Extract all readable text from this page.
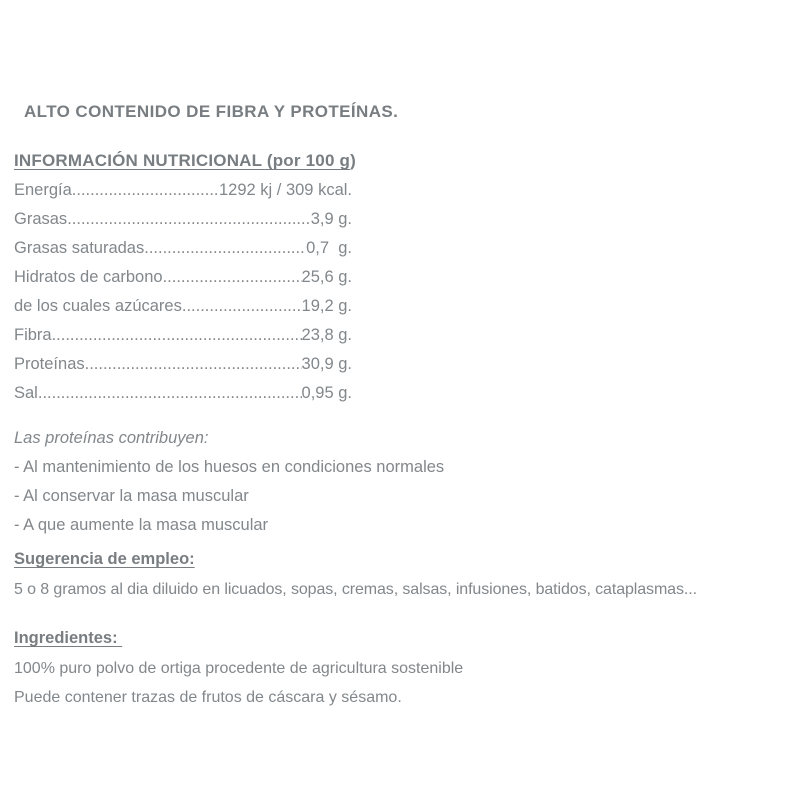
ALTO CONTENIDO DE FIBRA Y PROTEÍNAS.
INFORMACIÓN NUTRICIONAL (por 100 g)
Energía .....	1292 kj / 309 kcal.
Grasas .....	3,9 g.
Grasas saturadas .....	0,7  g.
Hidratos de carbono .....	25,6 g.
de los cuales azúcares .....	19,2 g.
Fibra .....	23,8 g.
Proteínas .....	30,9 g.
Sal .....	0,95 g.
Las proteínas contribuyen:
- Al mantenimiento de los huesos en condiciones normales
- Al conservar la masa muscular
- A que aumente la masa muscular
Sugerencia de empleo:
5 o 8 gramos al dia diluido en licuados, sopas, cremas, salsas, infusiones, batidos, cataplasmas...
Ingredientes:
100% puro polvo de ortiga procedente de agricultura sostenible
Puede contener trazas de frutos de cáscara y sésamo.
